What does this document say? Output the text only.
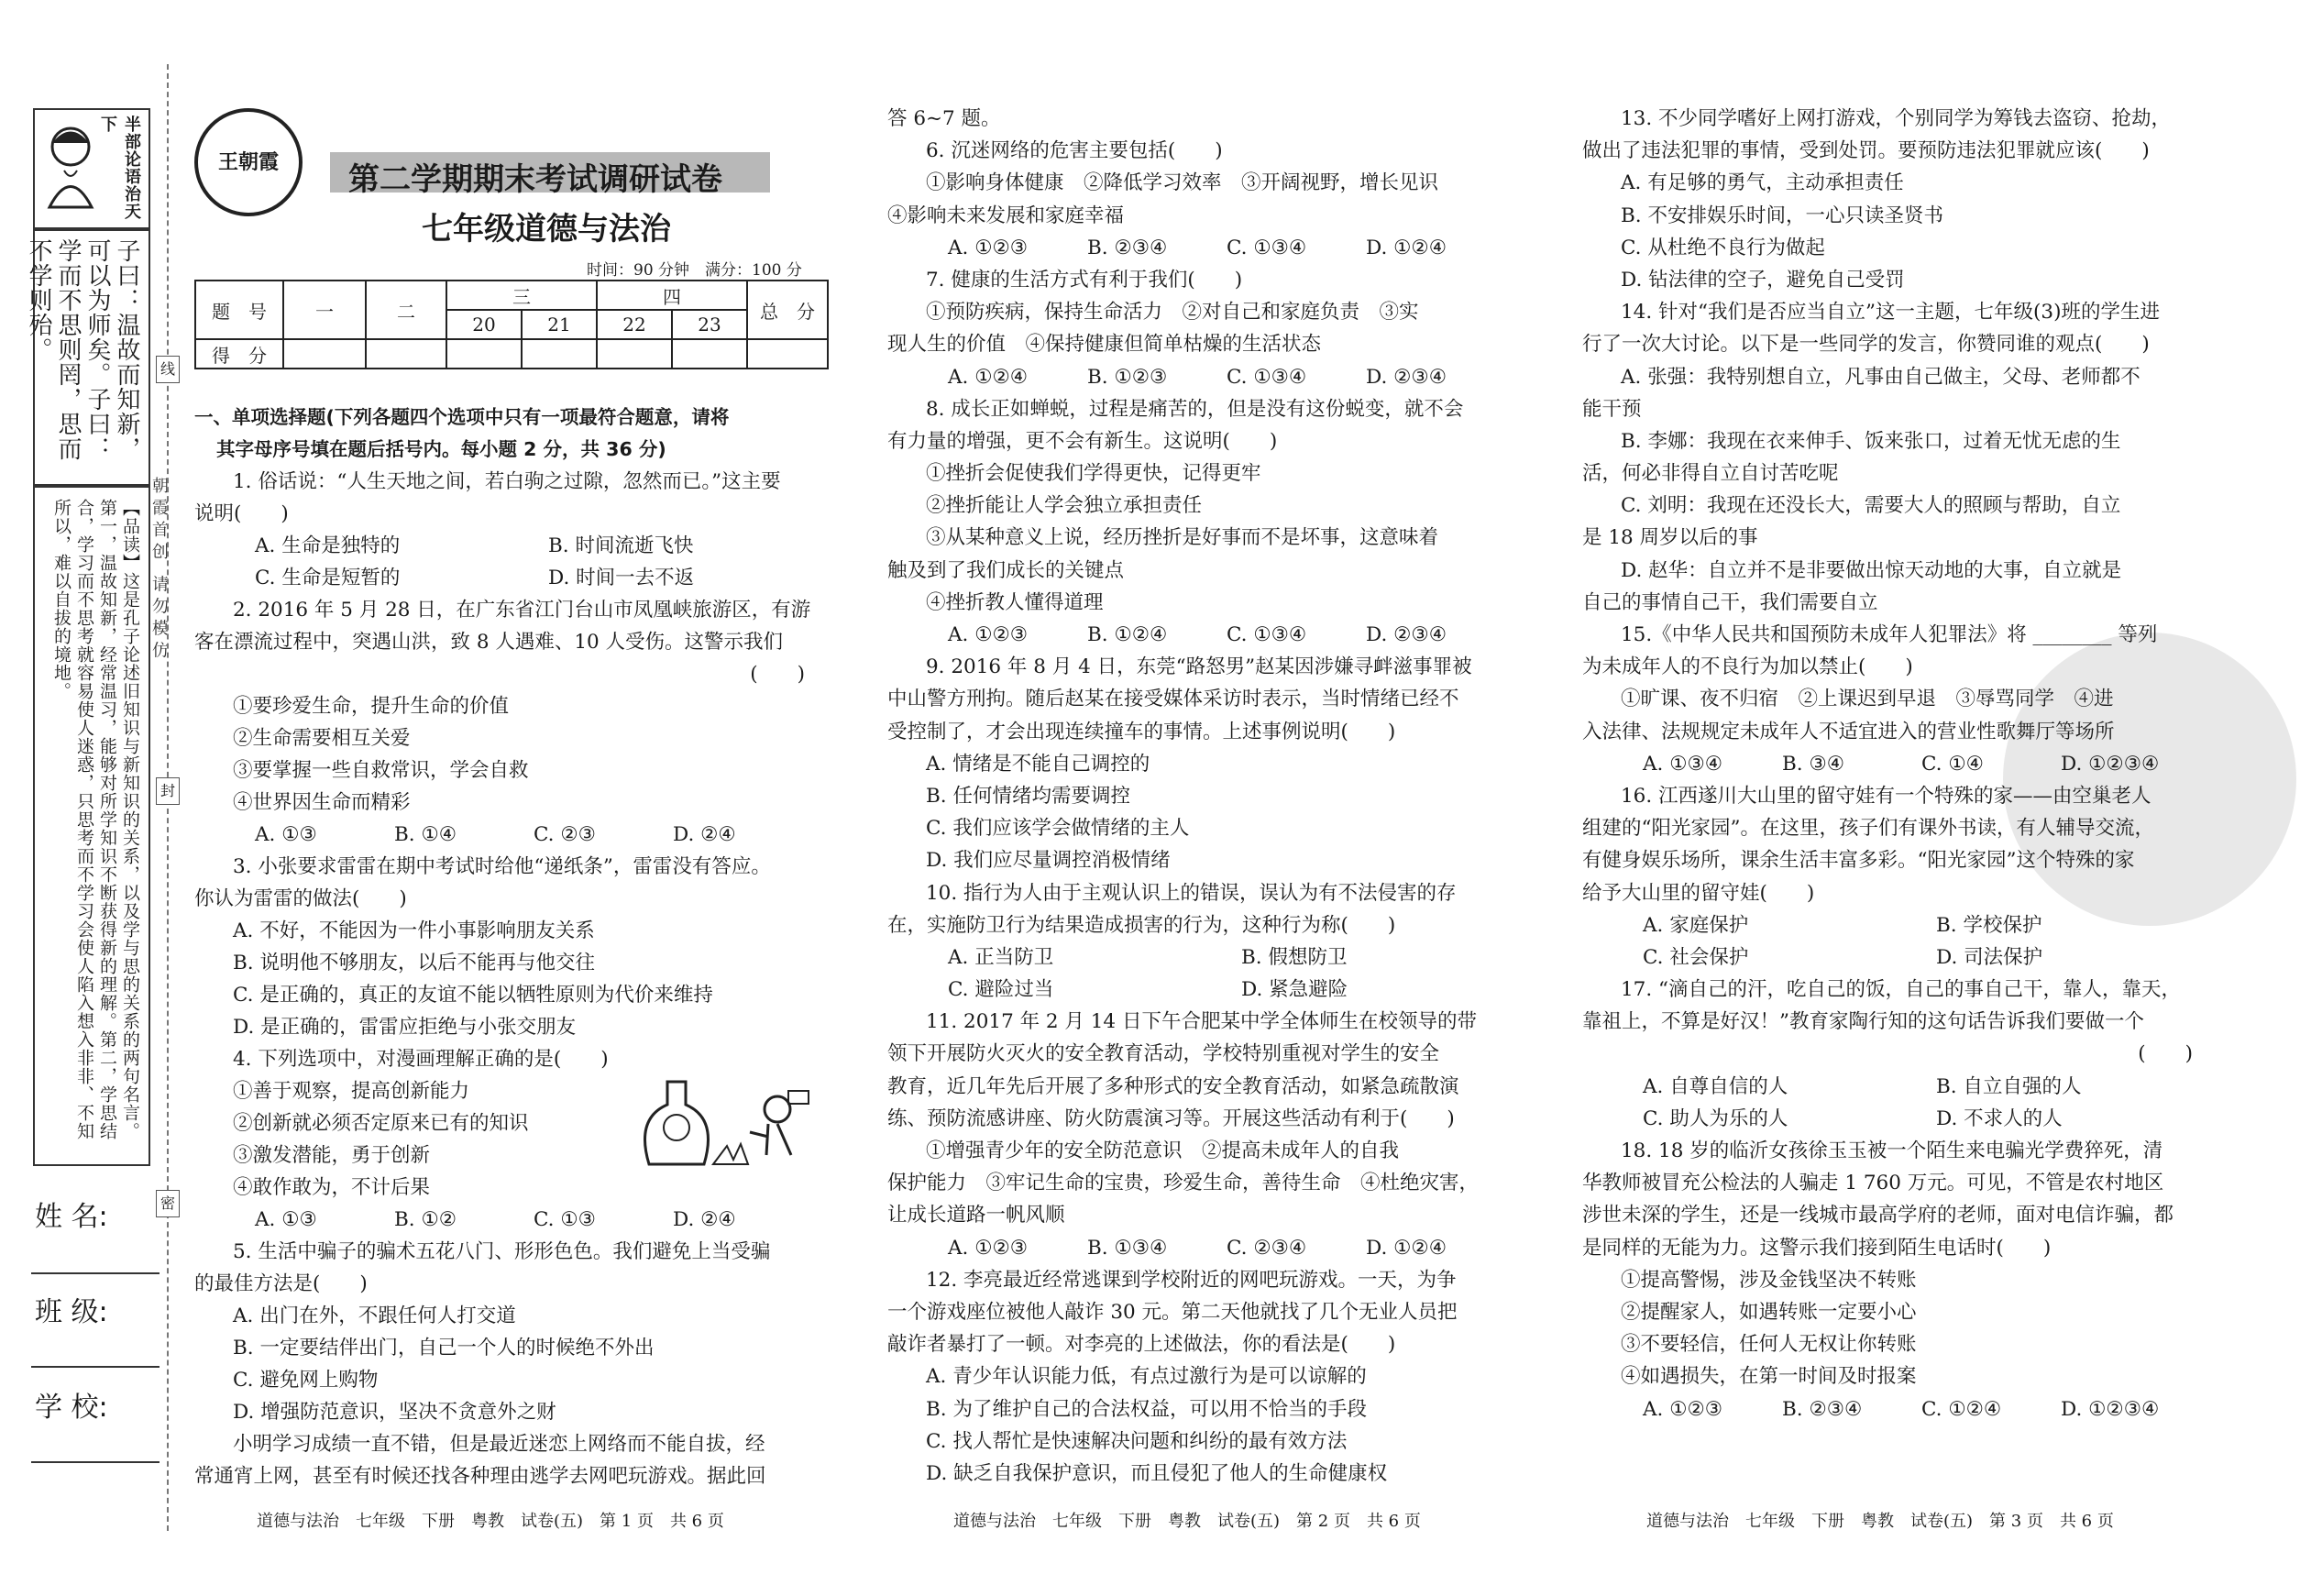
半部论语治天下
子曰：温故而知新，可以为师矣。子曰：学而不思则罔，思而不学则殆。
【品读】这是孔子论述旧知识与新知识的关系，以及学与思的关系的两句名言。第一，温故知新，经常温习，能够对所学知识不断获得新的理解。第二，学思结合，学习而不思考就容易使人迷惑，只思考而不学习会使人陷入想入非非、不知所以，难以自拔的境地。	朝霞首创 请勿模仿
线
封
密
姓 名:
班 级:
学 校:
王朝霞	第二学期期末考试调研试卷
七年级道德与法治
时间：90 分钟　满分：100 分
题　号	一	二	三		四		总　分
			20	21	22	23	
得　分							

一、单项选择题(下列各题四个选项中只有一项最符合题意，请将

其字母序号填在题后括号内。每小题 2 分，共 36 分)

1. 俗话说：“人生天地之间，若白驹之过隙，忽然而已。”这主要

说明(　　)

A. 生命是独特的	B. 时间流逝飞快
C. 生命是短暂的	D. 时间一去不返

2. 2016 年 5 月 28 日，在广东省江门台山市凤凰峡旅游区，有游

客在漂流过程中，突遇山洪，致 8 人遇难、10 人受伤。这警示我们

(　　)

①要珍爱生命，提升生命的价值

②生命需要相互关爱

③要掌握一些自救常识，学会自救

④世界因生命而精彩

A. ①③	B. ①④	C. ②③	D. ②④

3. 小张要求雷雷在期中考试时给他“递纸条”，雷雷没有答应。

你认为雷雷的做法(　　)

A. 不好，不能因为一件小事影响朋友关系

B. 说明他不够朋友，以后不能再与他交往

C. 是正确的，真正的友谊不能以牺牲原则为代价来维持

D. 是正确的，雷雷应拒绝与小张交朋友

4. 下列选项中，对漫画理解正确的是(　　)

①善于观察，提高创新能力

②创新就必须否定原来已有的知识

③激发潜能，勇于创新

④敢作敢为，不计后果

A. ①③	B. ①②	C. ①③	D. ②④

5. 生活中骗子的骗术五花八门、形形色色。我们避免上当受骗

的最佳方法是(　　)

A. 出门在外，不跟任何人打交道

B. 一定要结伴出门，自己一个人的时候绝不外出

C. 避免网上购物

D. 增强防范意识，坚决不贪意外之财

小明学习成绩一直不错，但是最近迷恋上网络而不能自拔，经

常通宵上网，甚至有时候还找各种理由逃学去网吧玩游戏。据此回

答 6~7 题。

6. 沉迷网络的危害主要包括(　　)

①影响身体健康　②降低学习效率　③开阔视野，增长见识

④影响未来发展和家庭幸福

A. ①②③	B. ②③④	C. ①③④	D. ①②④

7. 健康的生活方式有利于我们(　　)

①预防疾病，保持生命活力　②对自己和家庭负责　③实

现人生的价值　④保持健康但简单枯燥的生活状态

A. ①②④	B. ①②③	C. ①③④	D. ②③④

8. 成长正如蝉蜕，过程是痛苦的，但是没有这份蜕变，就不会

有力量的增强，更不会有新生。这说明(　　)

①挫折会促使我们学得更快，记得更牢

②挫折能让人学会独立承担责任

③从某种意义上说，经历挫折是好事而不是坏事，这意味着

触及到了我们成长的关键点

④挫折教人懂得道理

A. ①②③	B. ①②④	C. ①③④	D. ②③④

9. 2016 年 8 月 4 日，东莞“路怒男”赵某因涉嫌寻衅滋事罪被

中山警方刑拘。随后赵某在接受媒体采访时表示，当时情绪已经不

受控制了，才会出现连续撞车的事情。上述事例说明(　　)

A. 情绪是不能自己调控的

B. 任何情绪均需要调控

C. 我们应该学会做情绪的主人

D. 我们应尽量调控消极情绪

10. 指行为人由于主观认识上的错误，误认为有不法侵害的存

在，实施防卫行为结果造成损害的行为，这种行为称(　　)

A. 正当防卫	B. 假想防卫
C. 避险过当	D. 紧急避险

11. 2017 年 2 月 14 日下午合肥某中学全体师生在校领导的带

领下开展防火灭火的安全教育活动，学校特别重视对学生的安全

教育，近几年先后开展了多种形式的安全教育活动，如紧急疏散演

练、预防流感讲座、防火防震演习等。开展这些活动有利于(　　)

①增强青少年的安全防范意识　②提高未成年人的自我

保护能力　③牢记生命的宝贵，珍爱生命，善待生命　④杜绝灾害，

让成长道路一帆风顺

A. ①②③	B. ①③④	C. ②③④	D. ①②④

12. 李亮最近经常逃课到学校附近的网吧玩游戏。一天，为争

一个游戏座位被他人敲诈 30 元。第二天他就找了几个无业人员把

敲诈者暴打了一顿。对李亮的上述做法，你的看法是(　　)

A. 青少年认识能力低，有点过激行为是可以谅解的

B. 为了维护自己的合法权益，可以用不恰当的手段

C. 找人帮忙是快速解决问题和纠纷的最有效方法

D. 缺乏自我保护意识，而且侵犯了他人的生命健康权

13. 不少同学嗜好上网打游戏，个别同学为筹钱去盗窃、抢劫，

做出了违法犯罪的事情，受到处罚。要预防违法犯罪就应该(　　)

A. 有足够的勇气，主动承担责任

B. 不安排娱乐时间，一心只读圣贤书

C. 从杜绝不良行为做起

D. 钻法律的空子，避免自己受罚

14. 针对“我们是否应当自立”这一主题，七年级(3)班的学生进

行了一次大讨论。以下是一些同学的发言，你赞同谁的观点(　　)

A. 张强：我特别想自立，凡事由自己做主，父母、老师都不

能干预

B. 李娜：我现在衣来伸手、饭来张口，过着无忧无虑的生

活，何必非得自立自讨苦吃呢

C. 刘明：我现在还没长大，需要大人的照顾与帮助，自立

是 18 周岁以后的事

D. 赵华：自立并不是非要做出惊天动地的大事，自立就是

自己的事情自己干，我们需要自立

15.《中华人民共和国预防未成年人犯罪法》将 ________ 等列

为未成年人的不良行为加以禁止(　　)

①旷课、夜不归宿　②上课迟到早退　③辱骂同学　④进

入法律、法规规定未成年人不适宜进入的营业性歌舞厅等场所

A. ①③④	B. ③④	C. ①④	D. ①②③④

16. 江西遂川大山里的留守娃有一个特殊的家——由空巢老人

组建的“阳光家园”。在这里，孩子们有课外书读，有人辅导交流，

有健身娱乐场所，课余生活丰富多彩。“阳光家园”这个特殊的家

给予大山里的留守娃(　　)

A. 家庭保护	B. 学校保护
C. 社会保护	D. 司法保护

17. “滴自己的汗，吃自己的饭，自己的事自己干，靠人，靠天，

靠祖上，不算是好汉！”教育家陶行知的这句话告诉我们要做一个

(　　)

A. 自尊自信的人	B. 自立自强的人
C. 助人为乐的人	D. 不求人的人

18. 18 岁的临沂女孩徐玉玉被一个陌生来电骗光学费猝死，清

华教师被冒充公检法的人骗走 1 760 万元。可见，不管是农村地区

涉世未深的学生，还是一线城市最高学府的老师，面对电信诈骗，都

是同样的无能为力。这警示我们接到陌生电话时(　　)

①提高警惕，涉及金钱坚决不转账

②提醒家人，如遇转账一定要小心

③不要轻信，任何人无权让你转账

④如遇损失，在第一时间及时报案

A. ①②③	B. ②③④	C. ①②④	D. ①②③④
道德与法治　七年级　下册　粤教　试卷(五)　第 1 页　共 6 页	道德与法治　七年级　下册　粤教　试卷(五)　第 2 页　共 6 页	道德与法治　七年级　下册　粤教　试卷(五)　第 3 页　共 6 页
